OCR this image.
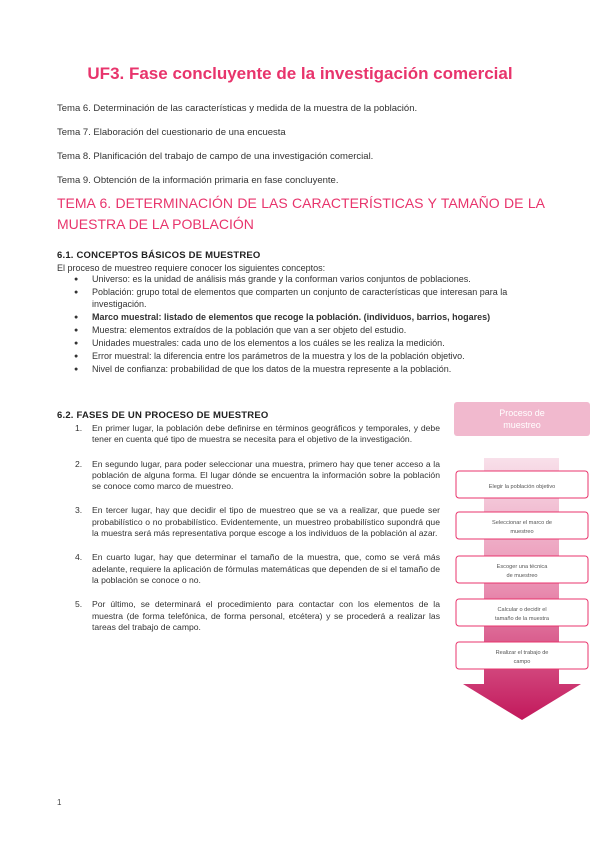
UF3. Fase concluyente de la investigación comercial
Tema 6. Determinación de las características y medida de la muestra de la población.
Tema 7. Elaboración del cuestionario de una encuesta
Tema 8. Planificación del trabajo de campo de una investigación comercial.
Tema 9. Obtención de la información primaria en fase concluyente.
TEMA 6. DETERMINACIÓN DE LAS CARACTERÍSTICAS Y TAMAÑO DE LA MUESTRA DE LA POBLACIÓN
6.1. CONCEPTOS BÁSICOS DE MUESTREO
El proceso de muestreo requiere conocer los siguientes conceptos:
● Universo: es la unidad de análisis más grande y la conforman varios conjuntos de poblaciones.
● Población: grupo total de elementos que comparten un conjunto de características que interesan para la investigación.
● Marco muestral: listado de elementos que recoge la población. (individuos, barrios, hogares)
● Muestra: elementos extraídos de la población que van a ser objeto del estudio.
● Unidades muestrales: cada uno de los elementos a los cuáles se les realiza la medición.
● Error muestral: la diferencia entre los parámetros de la muestra y los de la población objetivo.
● Nivel de confianza: probabilidad de que los datos de la muestra represente a la población.
6.2. FASES DE UN PROCESO DE MUESTREO
1. En primer lugar, la población debe definirse en términos geográficos y temporales, y debe tener en cuenta qué tipo de muestra se necesita para el objetivo de la investigación.
2. En segundo lugar, para poder seleccionar una muestra, primero hay que tener acceso a la población de alguna forma. El lugar dónde se encuentra la información sobre la población se conoce como marco de muestreo.
3. En tercer lugar, hay que decidir el tipo de muestreo que se va a realizar, que puede ser probabilístico o no probabilístico. Evidentemente, un muestreo probabilístico supondrá que la muestra será más representativa porque escoge a los individuos de la población al azar.
4. En cuarto lugar, hay que determinar el tamaño de la muestra, que, como se verá más adelante, requiere la aplicación de fórmulas matemáticas que dependen de si el tamaño de la población se conoce o no.
5. Por último, se determinará el procedimiento para contactar con los elementos de la muestra (de forma telefónica, de forma personal, etcétera) y se procederá a realizar las tareas del trabajo de campo.
Proceso de
muestreo
Elegir la población objetivo
Seleccionar el marco de
muestreo
Escoger una técnica
de muestreo
Calcular o decidir el
tamaño de la muestra
Realizar el trabajo de
campo
1
